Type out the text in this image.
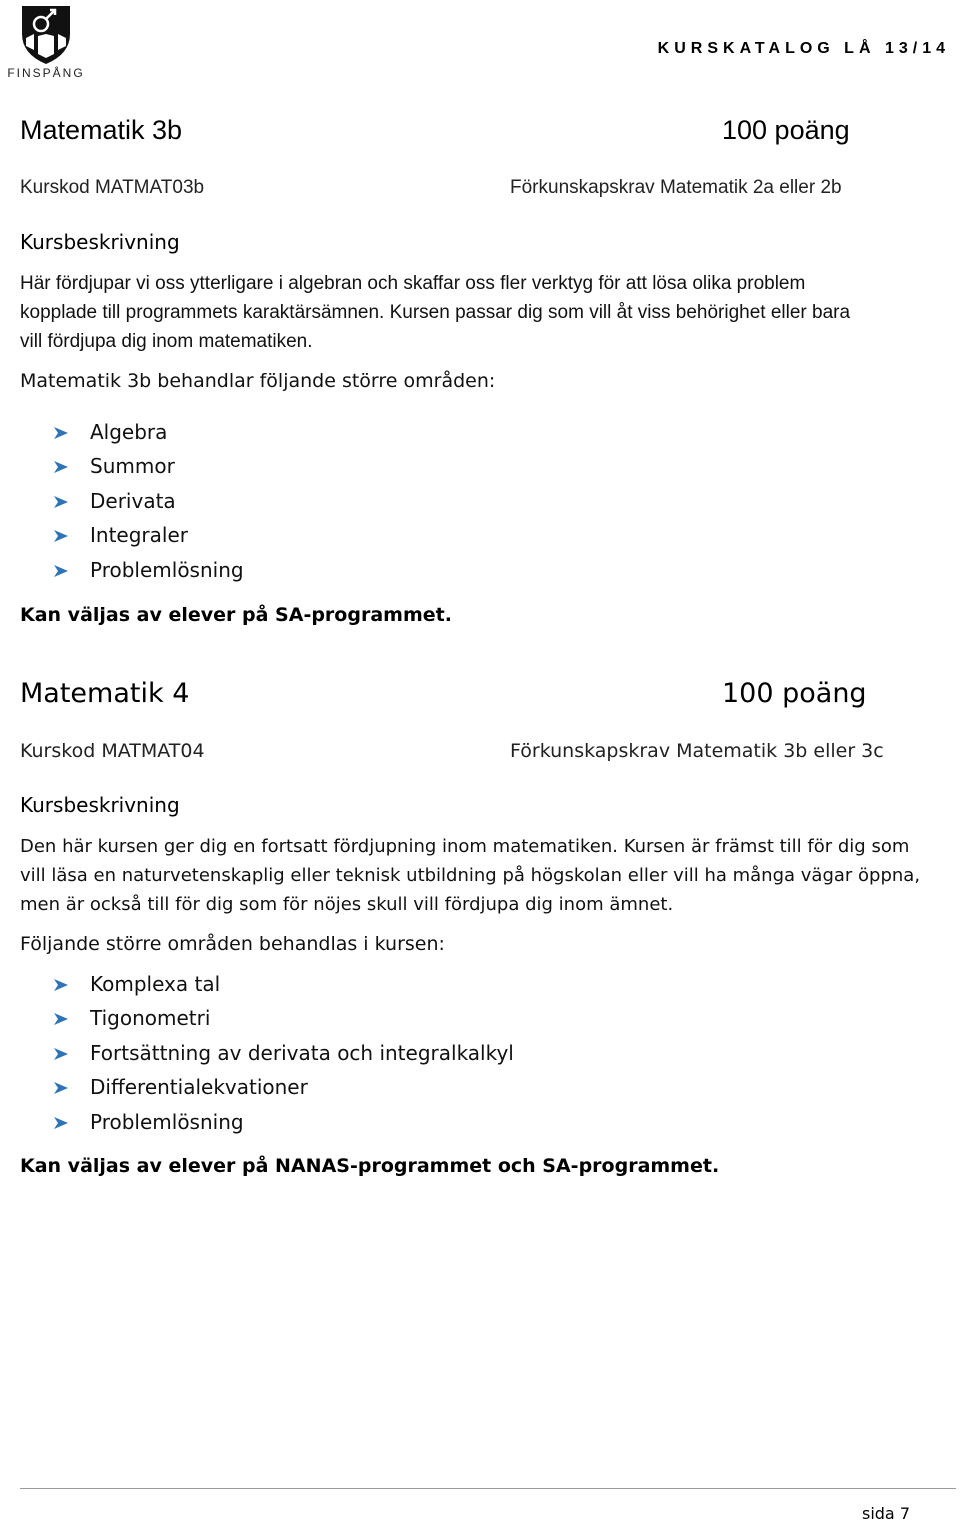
FINSPÅNG
KURSKATALOG LÅ 13/14
Matematik 3b	100 poäng
Kurskod MATMAT03b	Förkunskapskrav Matematik 2a eller 2b
Kursbeskrivning
Här fördjupar vi oss ytterligare i algebran och skaffar oss fler verktyg för att lösa olika problem
kopplade till programmets karaktärsämnen. Kursen passar dig som vill åt viss behörighet eller bara
vill fördjupa dig inom matematiken.
Matematik 3b behandlar följande större områden:
Algebra
Summor
Derivata
Integraler
Problemlösning
Kan väljas av elever på SA-programmet.
Matematik 4	100 poäng
Kurskod MATMAT04	Förkunskapskrav Matematik 3b eller 3c
Kursbeskrivning
Den här kursen ger dig en fortsatt fördjupning inom matematiken. Kursen är främst till för dig som
vill läsa en naturvetenskaplig eller teknisk utbildning på högskolan eller vill ha många vägar öppna,
men är också till för dig som för nöjes skull vill fördjupa dig inom ämnet.
Följande större områden behandlas i kursen:
Komplexa tal
Tigonometri
Fortsättning av derivata och integralkalkyl
Differentialekvationer
Problemlösning
Kan väljas av elever på NANAS-programmet och SA-programmet.
sida 7
